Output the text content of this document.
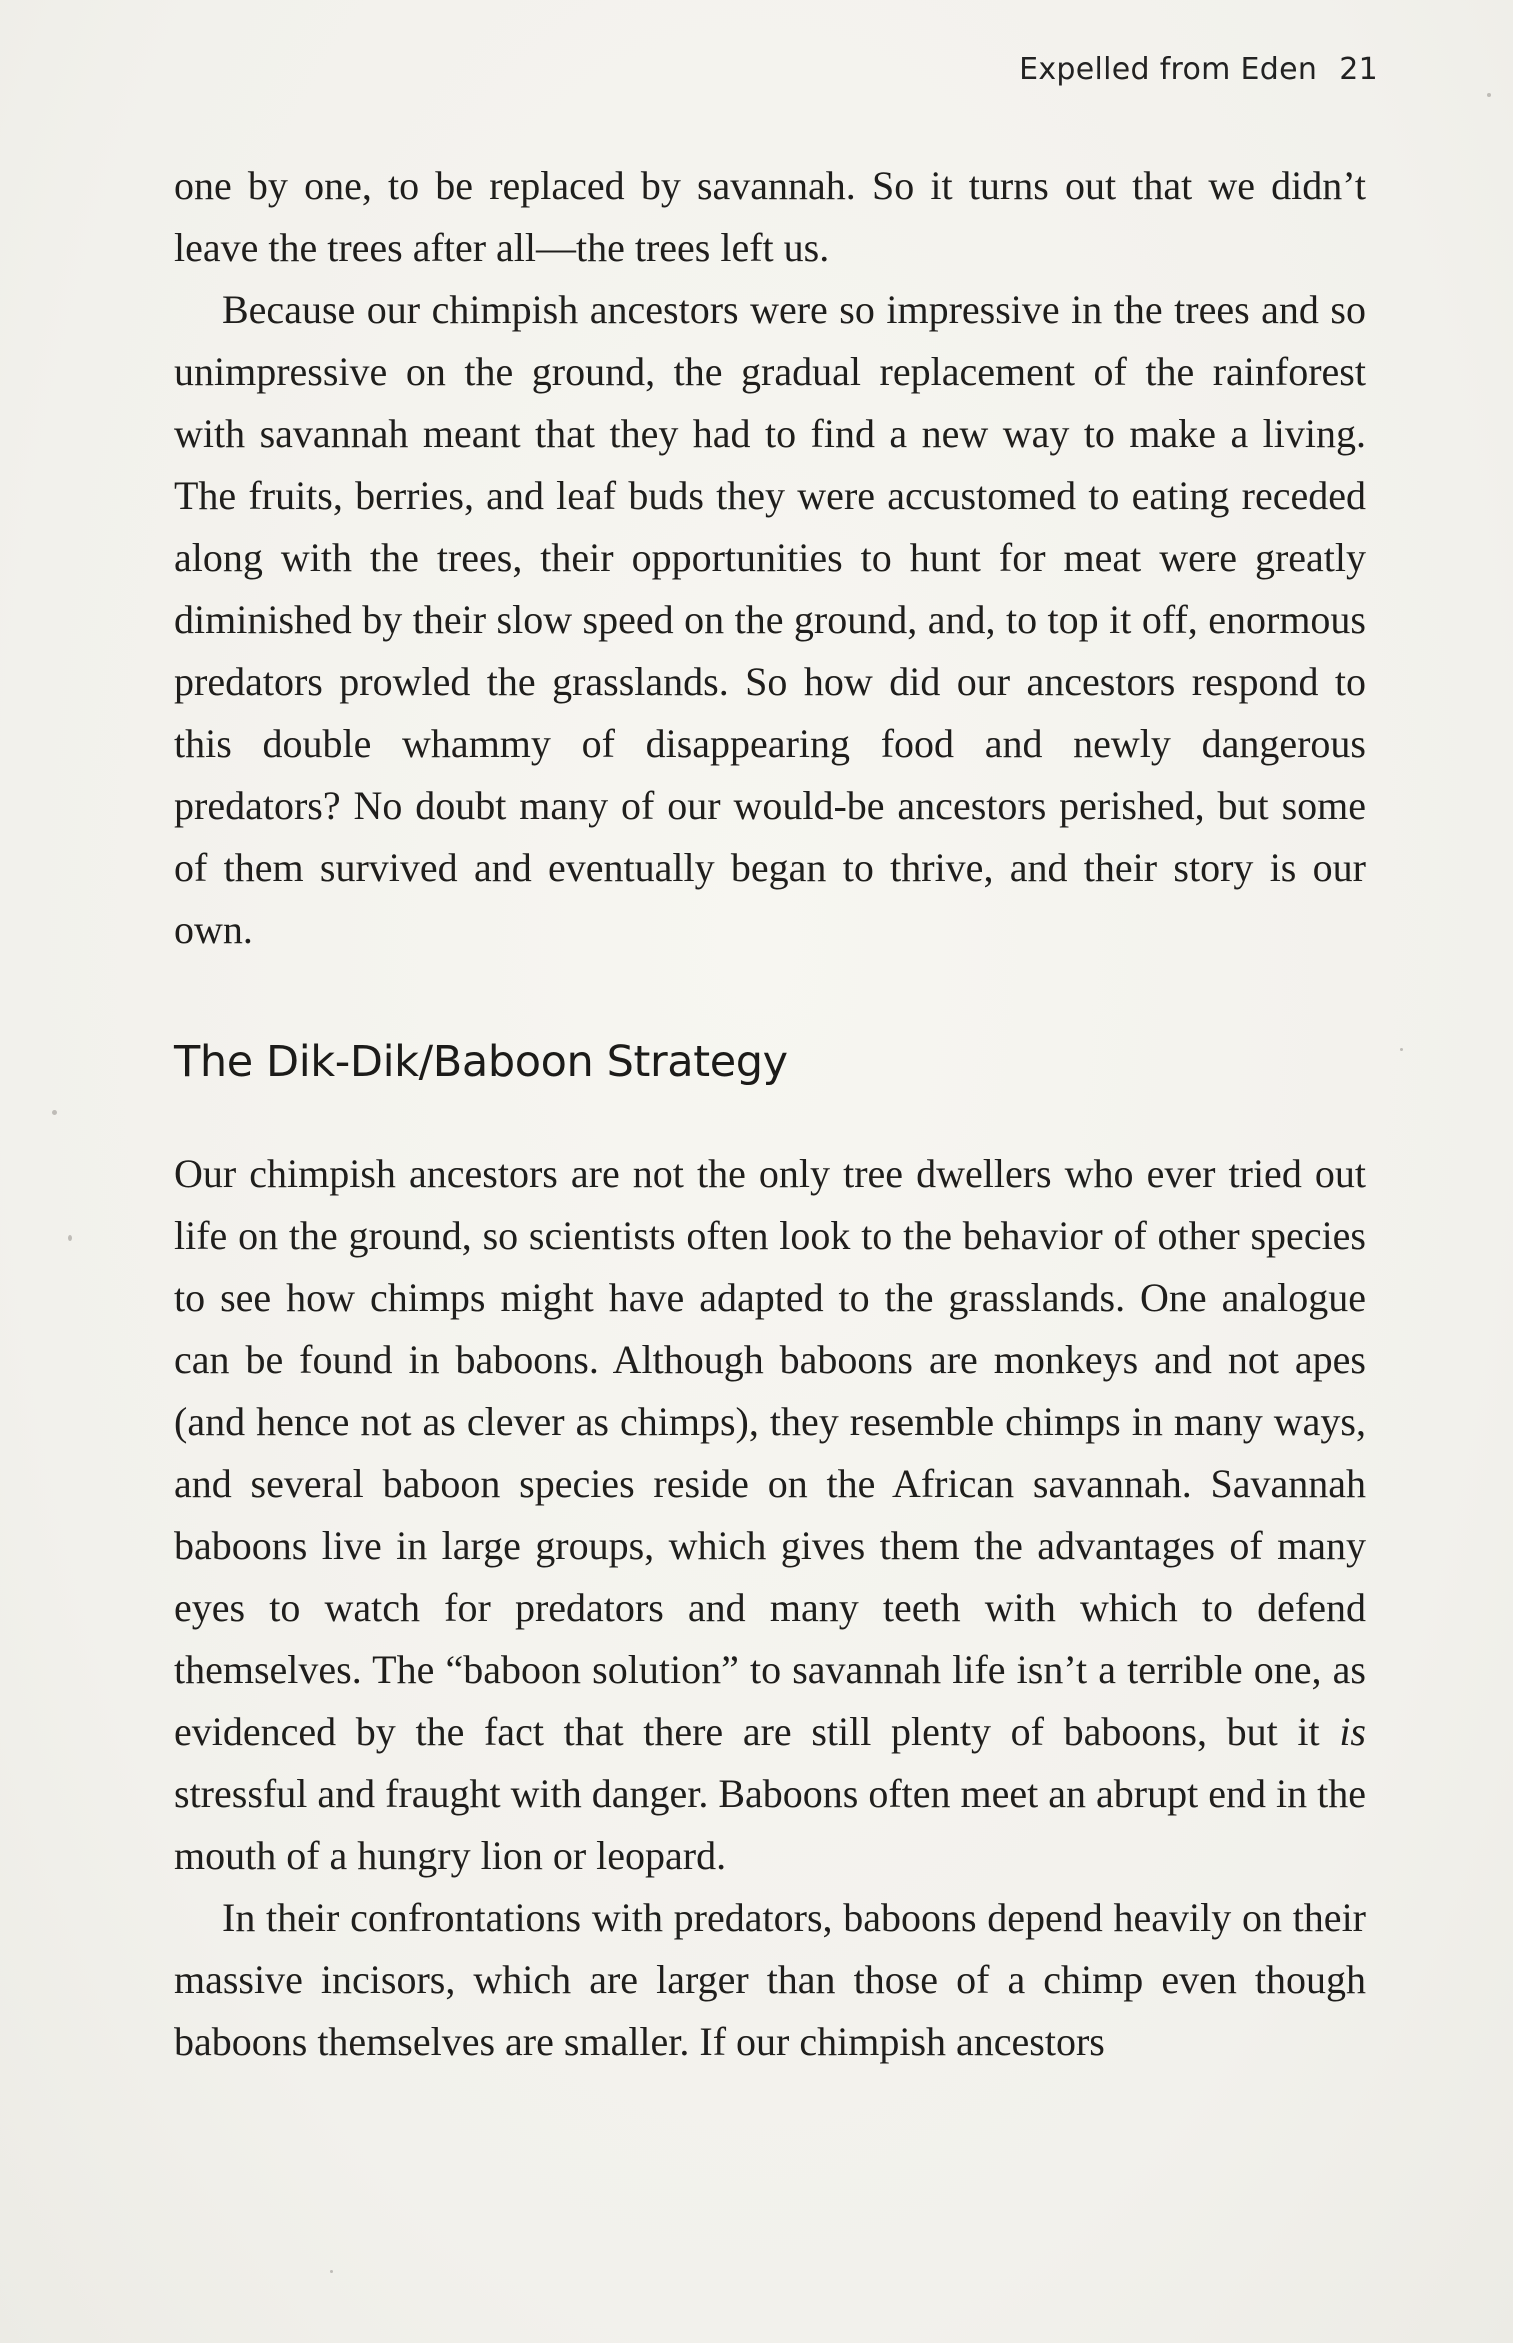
Expelled from Eden 21

one by one, to be replaced by savannah. So it turns out that we didn’t leave the trees after all—the trees left us.

Because our chimpish ancestors were so impressive in the trees and so unimpressive on the ground, the gradual replacement of the rainforest with savannah meant that they had to find a new way to make a living. The fruits, berries, and leaf buds they were accustomed to eating receded along with the trees, their opportunities to hunt for meat were greatly diminished by their slow speed on the ground, and, to top it off, enormous predators prowled the grasslands. So how did our ancestors respond to this double whammy of disappearing food and newly dangerous predators? No doubt many of our would-be ancestors perished, but some of them survived and eventually began to thrive, and their story is our own.

The Dik-Dik/Baboon Strategy

Our chimpish ancestors are not the only tree dwellers who ever tried out life on the ground, so scientists often look to the behavior of other species to see how chimps might have adapted to the grasslands. One analogue can be found in baboons. Although baboons are monkeys and not apes (and hence not as clever as chimps), they resemble chimps in many ways, and several baboon species reside on the African savannah. Savannah baboons live in large groups, which gives them the advantages of many eyes to watch for predators and many teeth with which to defend themselves. The “baboon solution” to savannah life isn’t a terrible one, as evidenced by the fact that there are still plenty of baboons, but it is stressful and fraught with danger. Baboons often meet an abrupt end in the mouth of a hungry lion or leopard.

In their confrontations with predators, baboons depend heavily on their massive incisors, which are larger than those of a chimp even though baboons themselves are smaller. If our chimpish ancestors
